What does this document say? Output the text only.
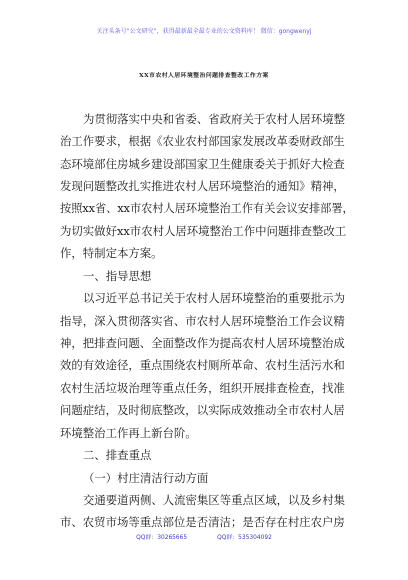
关注头条号“公文研究”，获得最新最全最专业的公文资料库！ 微信：gongwenyj
XX市农村人居环境整治问题排查整改工作方案

为贯彻落实中央和省委、省政府关于农村人居环境整

治工作要求，根据《农业农村部国家发展改革委财政部生

态环境部住房城乡建设部国家卫生健康委关于抓好大检查

发现问题整改扎实推进农村人居环境整治的通知》精神，

按照xx省、xx市农村人居环境整治工作有关会议安排部署，

为切实做好xx市农村人居环境整治工作中问题排查整改工

作，特制定本方案。

一、指导思想

以习近平总书记关于农村人居环境整治的重要批示为

指导，深入贯彻落实省、市农村人居环境整治工作会议精

神，把排查问题、全面整改作为提高农村人居环境整治成

效的有效途径，重点围绕农村厕所革命、农村生活污水和

农村生活垃圾治理等重点任务，组织开展排查检查，找准

问题症结，及时彻底整改，以实际成效推动全市农村人居

环境整治工作再上新台阶。

二、排查重点

（一）村庄清洁行动方面

交通要道两侧、人流密集区等重点区域，以及乡村集

市、农贸市场等重点部位是否清洁；是否存在村庄农户房

QQ群：30265665	QQ群：535304092
